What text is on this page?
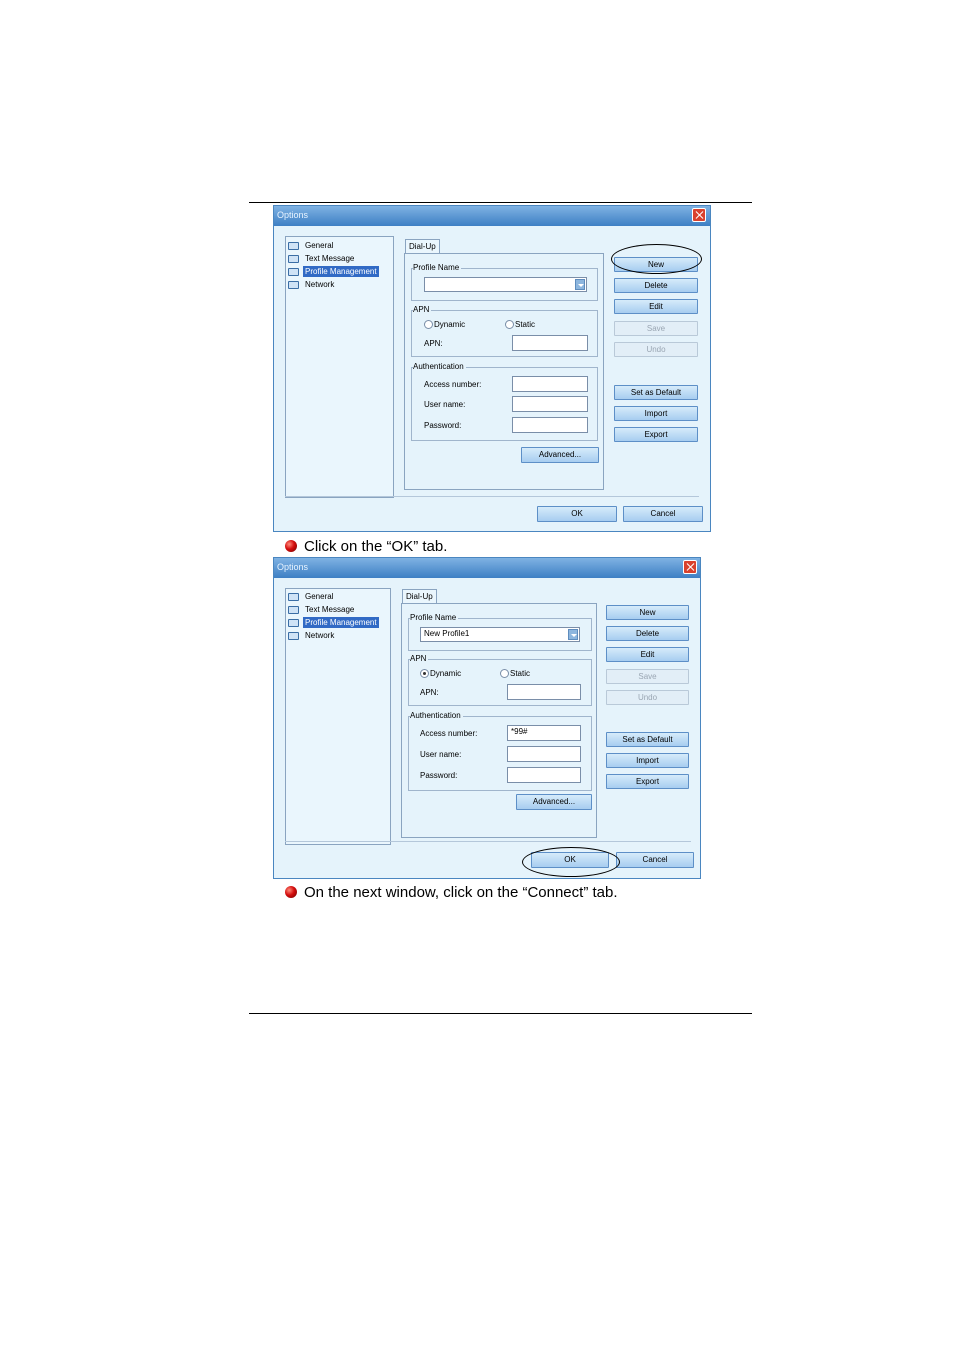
Options
General
Text Message
Profile Management
Network
Dial-Up
Profile Name
APN
Dynamic	Static
APN:
Authentication
Access number:
User name:
Password:
Advanced...
New
Delete
Edit
Save
Undo
Set as Default
Import
Export
OK	Cancel
Click on the “OK” tab.
Options
General
Text Message
Profile Management
Network
Dial-Up
Profile Name
New Profile1
APN
Dynamic	Static
APN:
Authentication
Access number:	*99#
User name:
Password:
Advanced...
New
Delete
Edit
Save
Undo
Set as Default
Import
Export
OK	Cancel
On the next window, click on the “Connect” tab.
